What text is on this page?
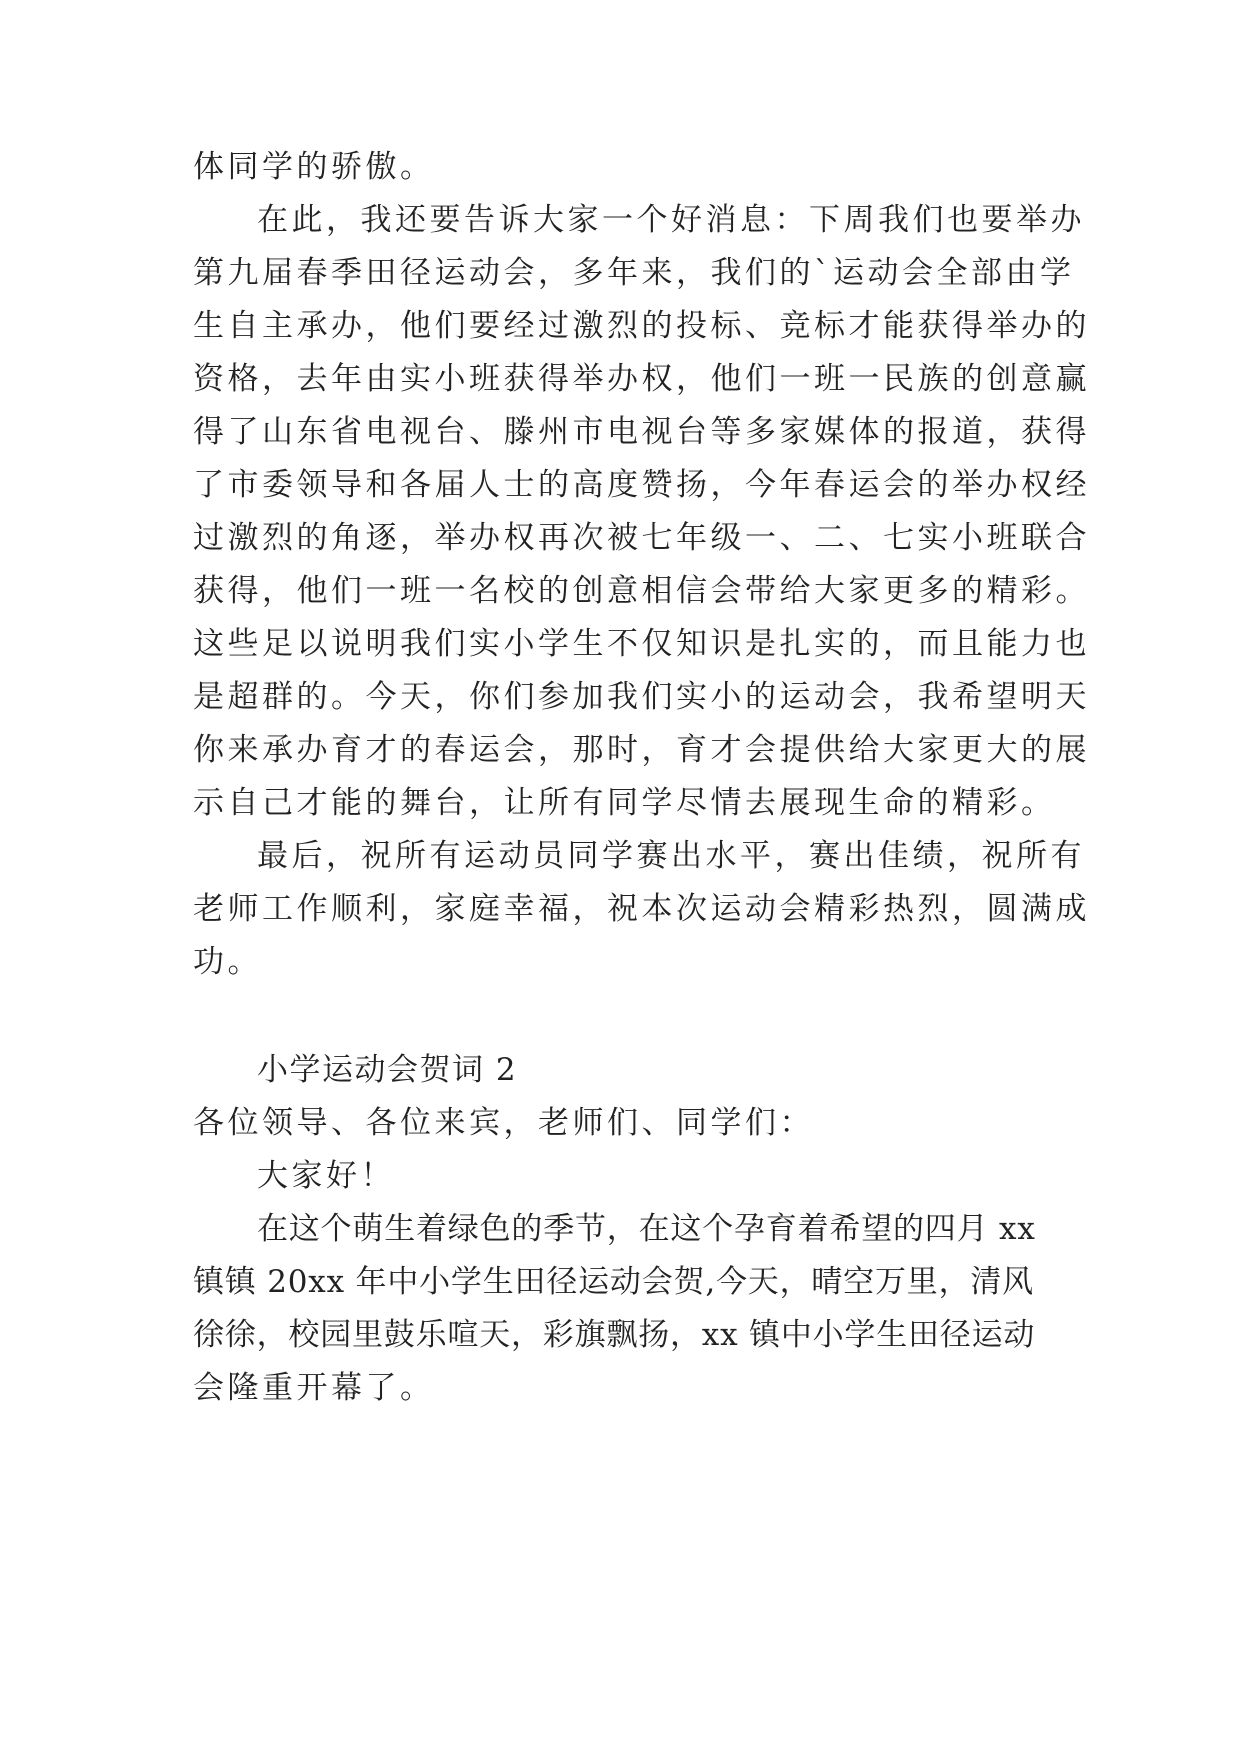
体同学的骄傲。
在此，我还要告诉大家一个好消息：下周我们也要举办
第九届春季田径运动会，多年来，我们的`运动会全部由学
生自主承办，他们要经过激烈的投标、竞标才能获得举办的
资格，去年由实小班获得举办权，他们一班一民族的创意赢
得了山东省电视台、滕州市电视台等多家媒体的报道，获得
了市委领导和各届人士的高度赞扬，今年春运会的举办权经
过激烈的角逐，举办权再次被七年级一、二、七实小班联合
获得，他们一班一名校的创意相信会带给大家更多的精彩。
这些足以说明我们实小学生不仅知识是扎实的，而且能力也
是超群的。今天，你们参加我们实小的运动会，我希望明天
你来承办育才的春运会，那时，育才会提供给大家更大的展
示自己才能的舞台，让所有同学尽情去展现生命的精彩。
最后，祝所有运动员同学赛出水平，赛出佳绩，祝所有
老师工作顺利，家庭幸福，祝本次运动会精彩热烈，圆满成
功。
小学运动会贺词 2
各位领导、各位来宾，老师们、同学们：
大家好！
在这个萌生着绿色的季节，在这个孕育着希望的四月 xx
镇镇 20xx 年中小学生田径运动会贺,今天，晴空万里，清风
徐徐，校园里鼓乐喧天，彩旗飘扬，xx 镇中小学生田径运动
会隆重开幕了。
